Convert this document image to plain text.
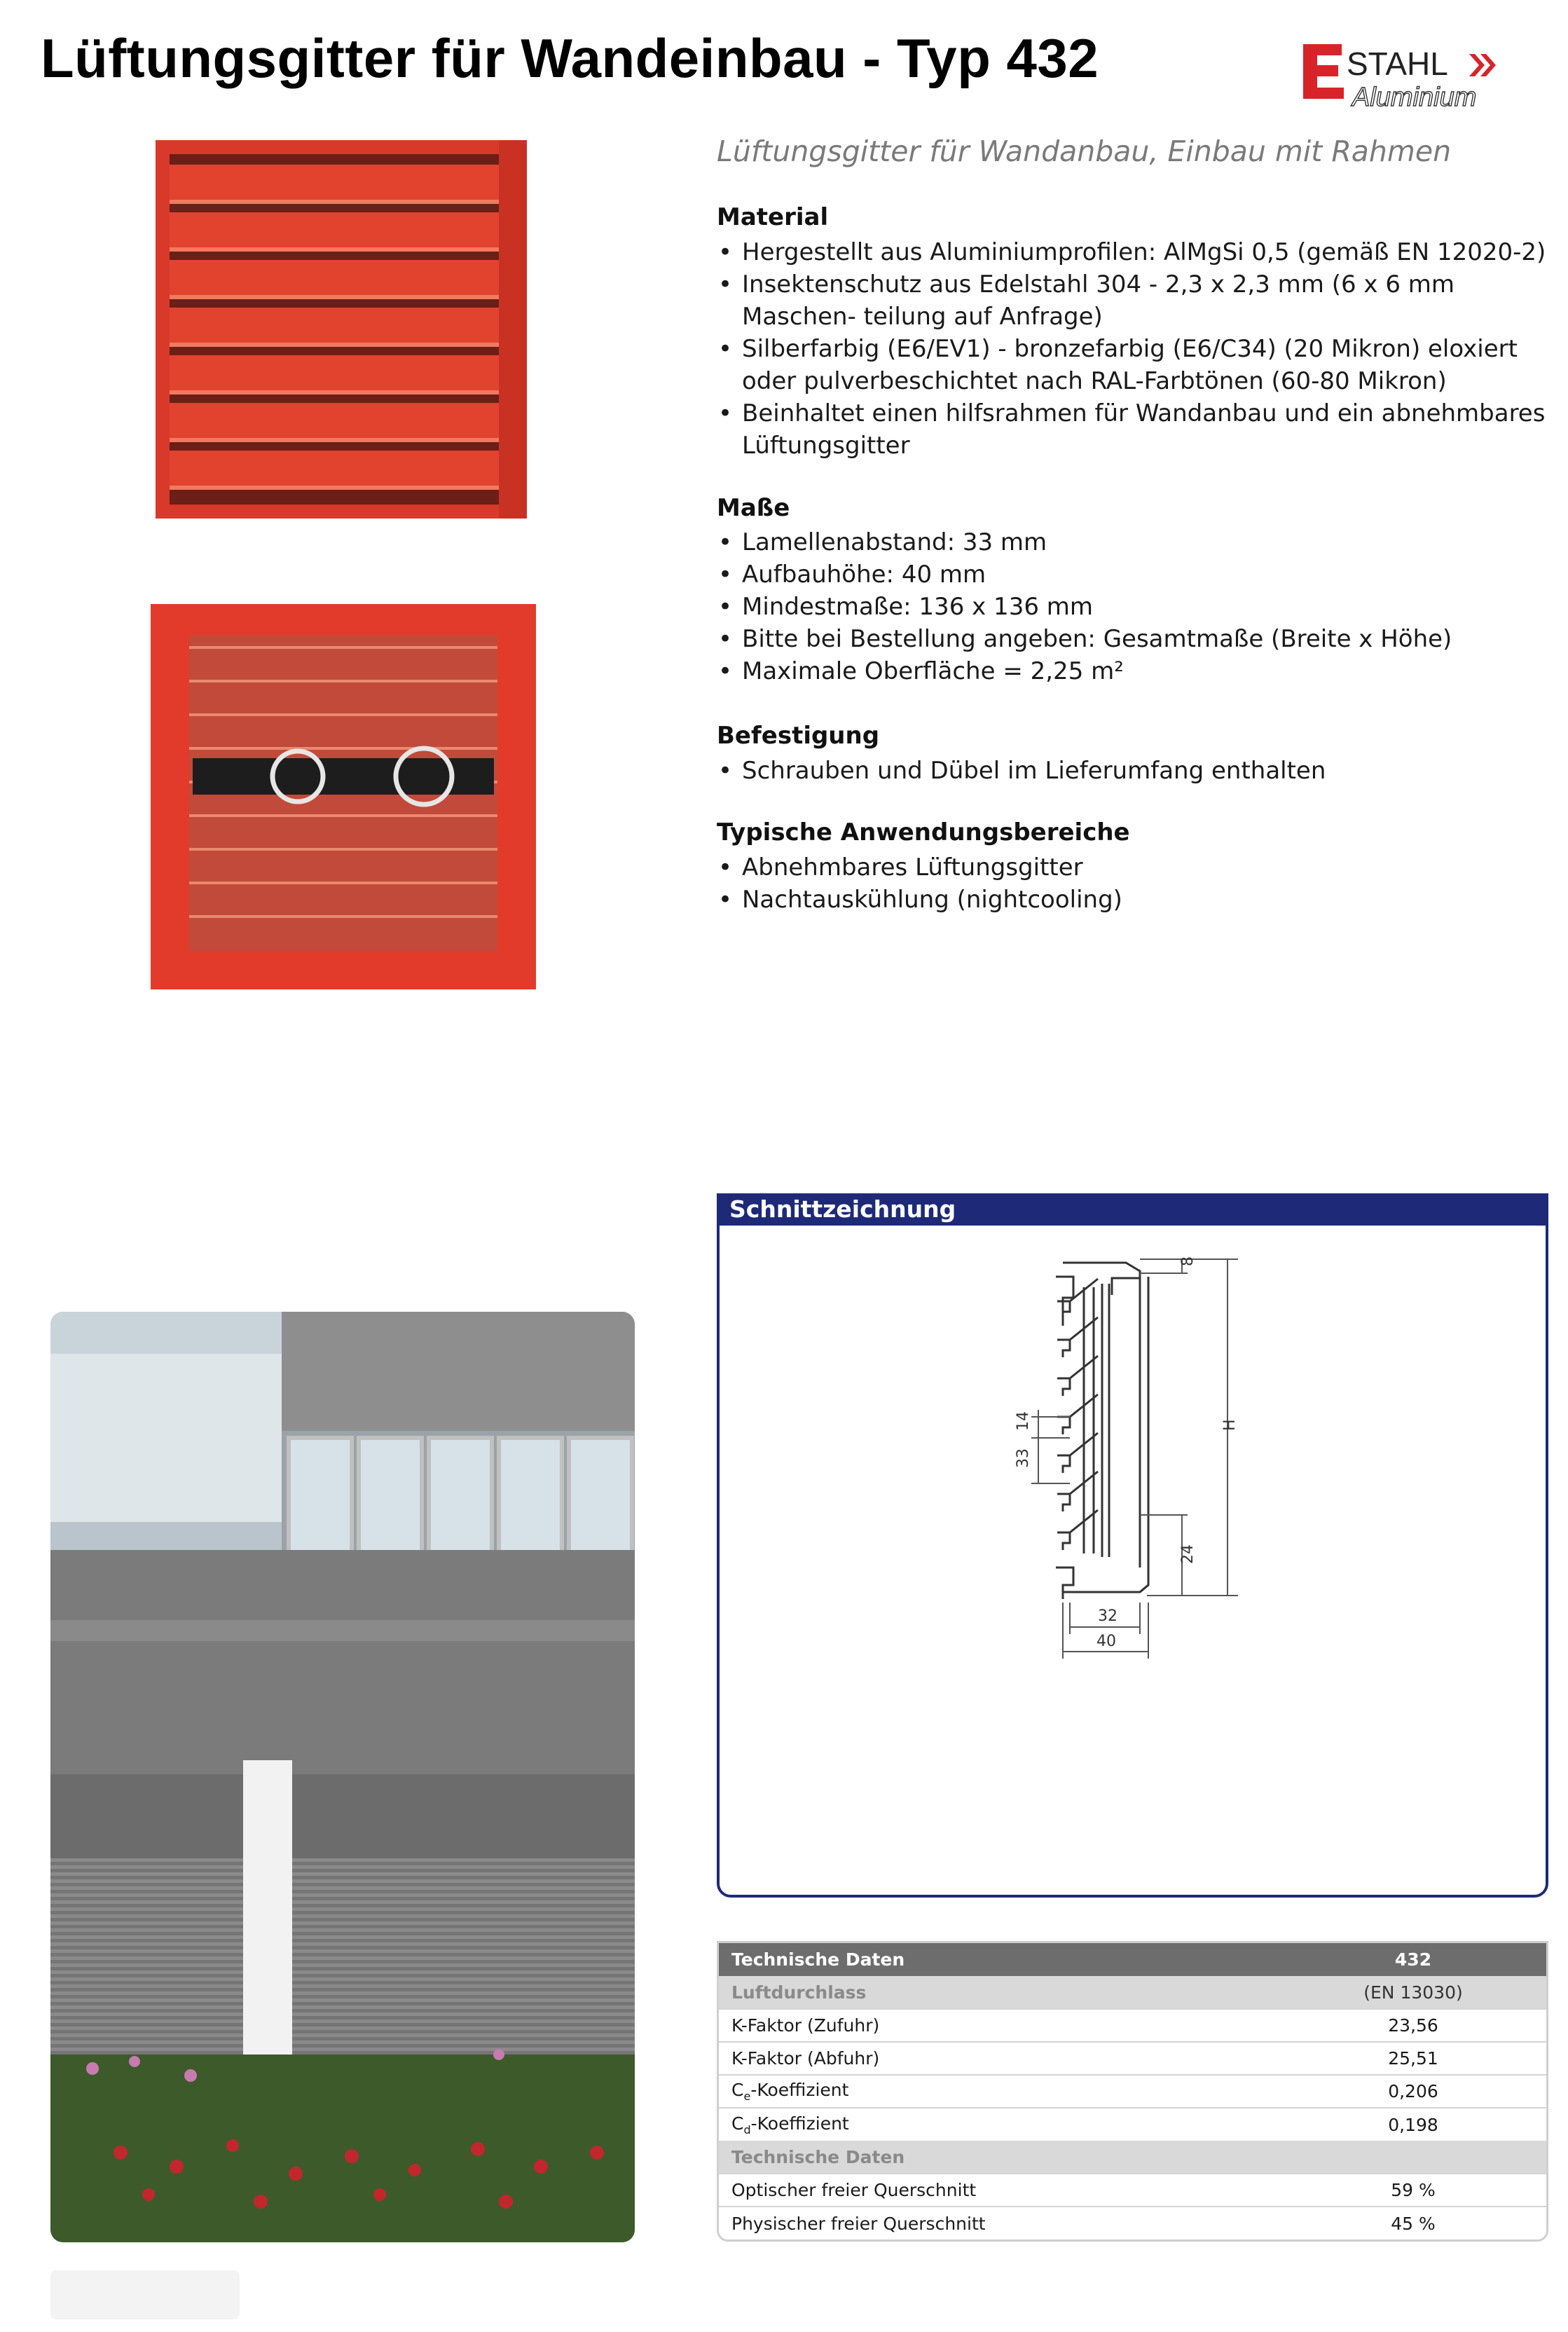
Lüftungsgitter für Wandeinbau - Typ 432	STAHL
Aluminium
Lüftungsgitter für Wandanbau, Einbau mit Rahmen
Material
• Hergestellt aus Aluminiumprofilen: AlMgSi 0,5 (gemäß EN 12020-2)
• Insektenschutz aus Edelstahl 304 - 2,3 x 2,3 mm (6 x 6 mm Maschen- teilung auf Anfrage)
• Silberfarbig (E6/EV1) - bronzefarbig (E6/C34) (20 Mikron) eloxiert oder pulverbeschichtet nach RAL-Farbtönen (60-80 Mikron)
• Beinhaltet einen hilfsrahmen für Wandanbau und ein abnehmbares Lüftungsgitter
Maße
• Lamellenabstand: 33 mm
• Aufbauhöhe: 40 mm
• Mindestmaße: 136 x 136 mm
• Bitte bei Bestellung angeben: Gesamtmaße (Breite x Höhe)
• Maximale Oberfläche = 2,25 m²
Befestigung
• Schrauben und Dübel im Lieferumfang enthalten
Typische Anwendungsbereiche
• Abnehmbares Lüftungsgitter
• Nachtauskühlung (nightcooling)
8
H
14
33
24
32
40
Schnittzeichnung
Technische Daten	432
Luftdurchlass	(EN 13030)
K-Faktor (Zufuhr)	23,56
K-Faktor (Abfuhr)	25,51
$C_e$-Koeffizient	0,206
$C_d$-Koeffizient	0,198
Technische Daten	
Optischer freier Querschnitt	59 %
Physischer freier Querschnitt	45 %
